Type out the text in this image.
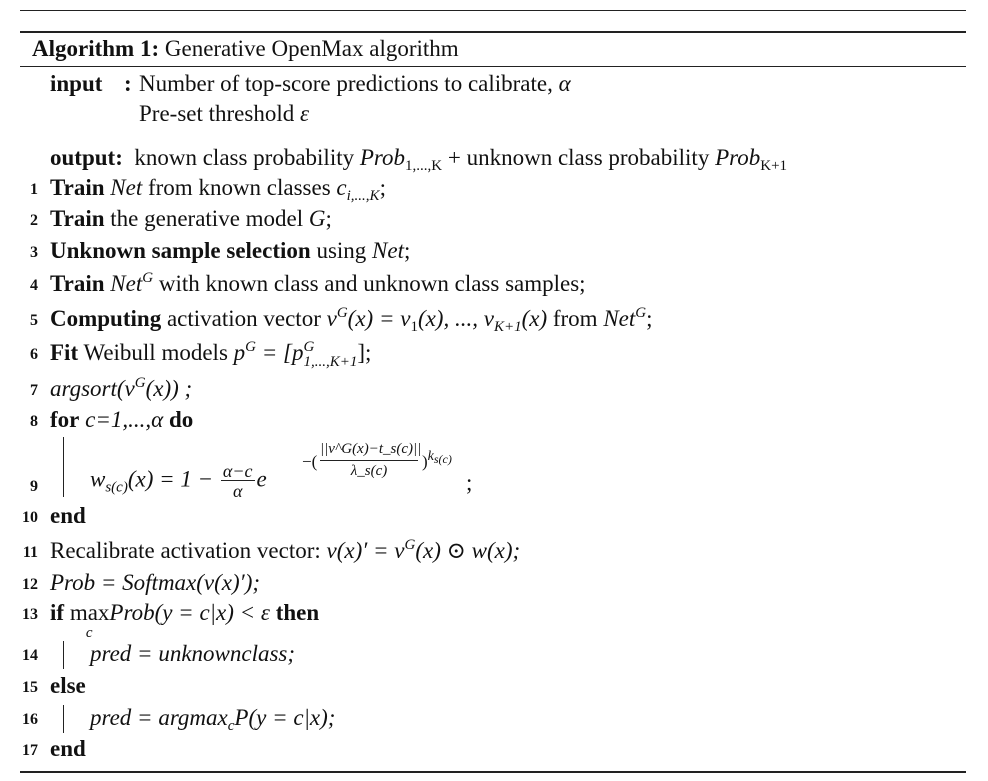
Algorithm 1: Generative OpenMax algorithm
input : Number of top-score predictions to calibrate, α
Pre-set threshold ε
output: known class probability Prob$_{1,...,K}$ + unknown class probability Prob$_{K+1}$
1
2
3
4
5
6
7
8
9
10
11
12
13
14
15
16
17
Train Net from known classes $c_{i,...,K}$;
Train the generative model G;
Unknown sample selection using Net;
Train Net$^G$ with known class and unknown class samples;
Computing activation vector $v^G(x) = v_1(x)$, ..., $v_{K+1}(x)$ from Net$^G$;
Fit Weibull models $p^G = [p$ G
1,...,K+1 ];
$argsort(v^G(x))$ ;
for c=1,...,α do
$w_{s(c)}(x) = 1 - \frac{\alpha-c}{\alpha}$ e
−(
||v^G(x)−t_s(c)||
λ_s(c)	)$^{k_{s(c)}}$
;
end
Recalibrate activation vector: $v(x)' = v^G(x)$ ⊙ w(x);
Prob = Softmax(v(x)′);
if max
c
Prob(y = c|x) < ε then
pred = unknownclass;
else
pred = argmax$_c$P(y = c|x);
end
